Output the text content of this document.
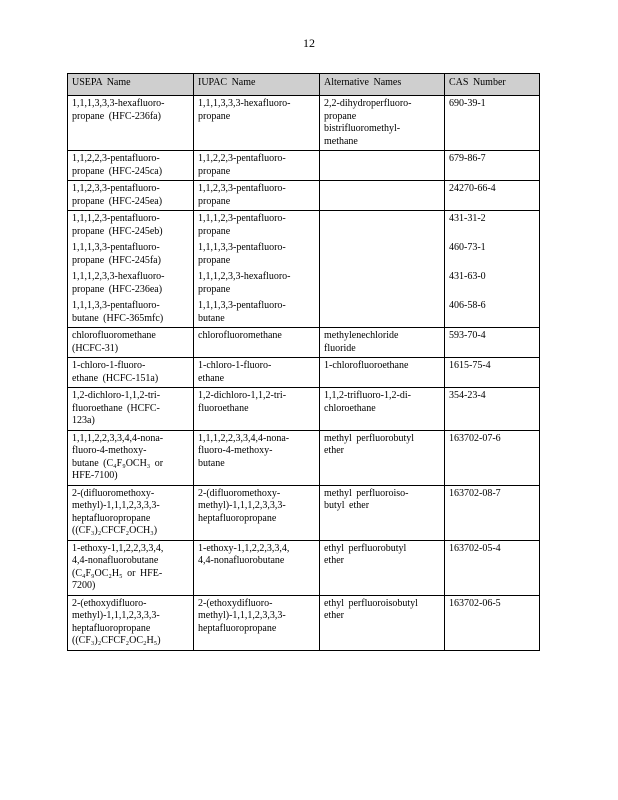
12
USEPA Name	IUPAC Name	Alternative Names	CAS Number

1,1,1,3,3,3-hexafluoro-
propane (HFC-236fa)	1,1,1,3,3,3-hexafluoro-
propane	2,2-dihydroperfluoro-
propane
bistrifluoromethyl-
methane	690-39-1

1,1,2,2,3-pentafluoro-
propane (HFC-245ca)	1,1,2,2,3-pentafluoro-
propane		679-86-7

1,1,2,3,3-pentafluoro-
propane (HFC-245ea)	1,1,2,3,3-pentafluoro-
propane		24270-66-4

1,1,1,2,3-pentafluoro-
propane (HFC-245eb)	1,1,1,2,3-pentafluoro-
propane		431-31-2

1,1,1,3,3-pentafluoro-
propane (HFC-245fa)	1,1,1,3,3-pentafluoro-
propane		460-73-1

1,1,1,2,3,3-hexafluoro-
propane (HFC-236ea)	1,1,1,2,3,3-hexafluoro-
propane		431-63-0

1,1,1,3,3-pentafluoro-
butane (HFC-365mfc)	1,1,1,3,3-pentafluoro-
butane		406-58-6

chlorofluoromethane
(HCFC-31)	chlorofluoromethane	methylenechloride
fluoride	593-70-4

1-chloro-1-fluoro-
ethane (HCFC-151a)	1-chloro-1-fluoro-
ethane	1-chlorofluoroethane	1615-75-4

1,2-dichloro-1,1,2-tri-
fluoroethane (HCFC-
123a)	1,2-dichloro-1,1,2-tri-
fluoroethane	1,1,2-trifluoro-1,2-di-
chloroethane	354-23-4

1,1,1,2,2,3,3,4,4-nona-
fluoro-4-methoxy-
butane (C₄F₉OCH₃ or
HFE-7100)	1,1,1,2,2,3,3,4,4-nona-
fluoro-4-methoxy-
butane	methyl perfluorobutyl
ether	163702-07-6

2-(difluoromethoxy-
methyl)-1,1,1,2,3,3,3-
heptafluoropropane
((CF₃)₂CFCF₂OCH₃)	2-(difluoromethoxy-
methyl)-1,1,1,2,3,3,3-
heptafluoropropane	methyl perfluoroiso-
butyl ether	163702-08-7

1-ethoxy-1,1,2,2,3,3,4,
4,4-nonafluorobutane
(C₄F₉OC₂H₅ or HFE-
7200)	1-ethoxy-1,1,2,2,3,3,4,
4,4-nonafluorobutane	ethyl perfluorobutyl
ether	163702-05-4

2-(ethoxydifluoro-
methyl)-1,1,1,2,3,3,3-
heptafluoropropane
((CF₃)₂CFCF₂OC₂H₅)	2-(ethoxydifluoro-
methyl)-1,1,1,2,3,3,3-
heptafluoropropane	ethyl perfluoroisobutyl
ether	163702-06-5
